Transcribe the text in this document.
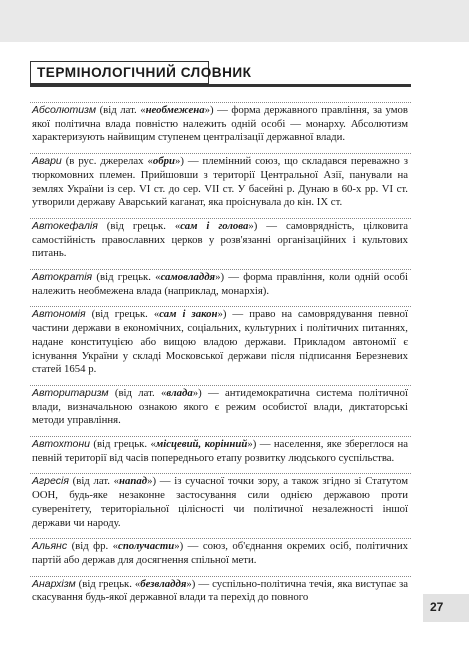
ТЕРМІНОЛОГІЧНИЙ СЛОВНИК
Абсолютизм (від лат. «необмежена») — форма державного правління, за умов якої політична влада повністю належить одній особі — монарху. Абсолютизм характеризують найвищим ступенем централізації державної влади.
Авари (в рус. джерелах «обри») — племінний союз, що складався переважно з тюркомовних племен. Прийшовши з території Центральної Азії, панували на землях України із сер. VI ст. до сер. VII ст. У басейні р. Дунаю в 60-х рр. VI ст. утворили державу Аварський каганат, яка проіснувала до кін. IX ст.
Автокефалія (від грецьк. «сам і голова») — самоврядність, цілковита самостійність православних церков у розв'язанні організаційних і культових питань.
Автократія (від грецьк. «самовладдя») — форма правління, коли одній особі належить необмежена влада (наприклад, монархія).
Автономія (від грецьк. «сам і закон») — право на самоврядування певної частини держави в економічних, соціальних, культурних і політичних питаннях, надане конституцією або вищою владою держави. Прикладом автономії є існування України у складі Московської держави після підписання Березневих статей 1654 р.
Авторитаризм (від лат. «влада») — антидемократична система політичної влади, визначальною ознакою якого є режим особистої влади, диктаторські методи управління.
Автохтони (від грецьк. «місцевий, корінний») — населення, яке збереглося на певній території від часів попереднього етапу розвитку людського суспільства.
Агресія (від лат. «напад») — із сучасної точки зору, а також згідно зі Статутом ООН, будь-яке незаконне застосування сили однією державою проти суверенітету, територіальної цілісності чи політичної незалежності іншої держави чи народу.
Альянс (від фр. «сполучасти») — союз, об'єднання окремих осіб, політичних партій або держав для досягнення спільної мети.
Анархізм (від грецьк. «безвладдя») — суспільно-політична течія, яка виступає за скасування будь-якої державної влади та перехід до повного
27
